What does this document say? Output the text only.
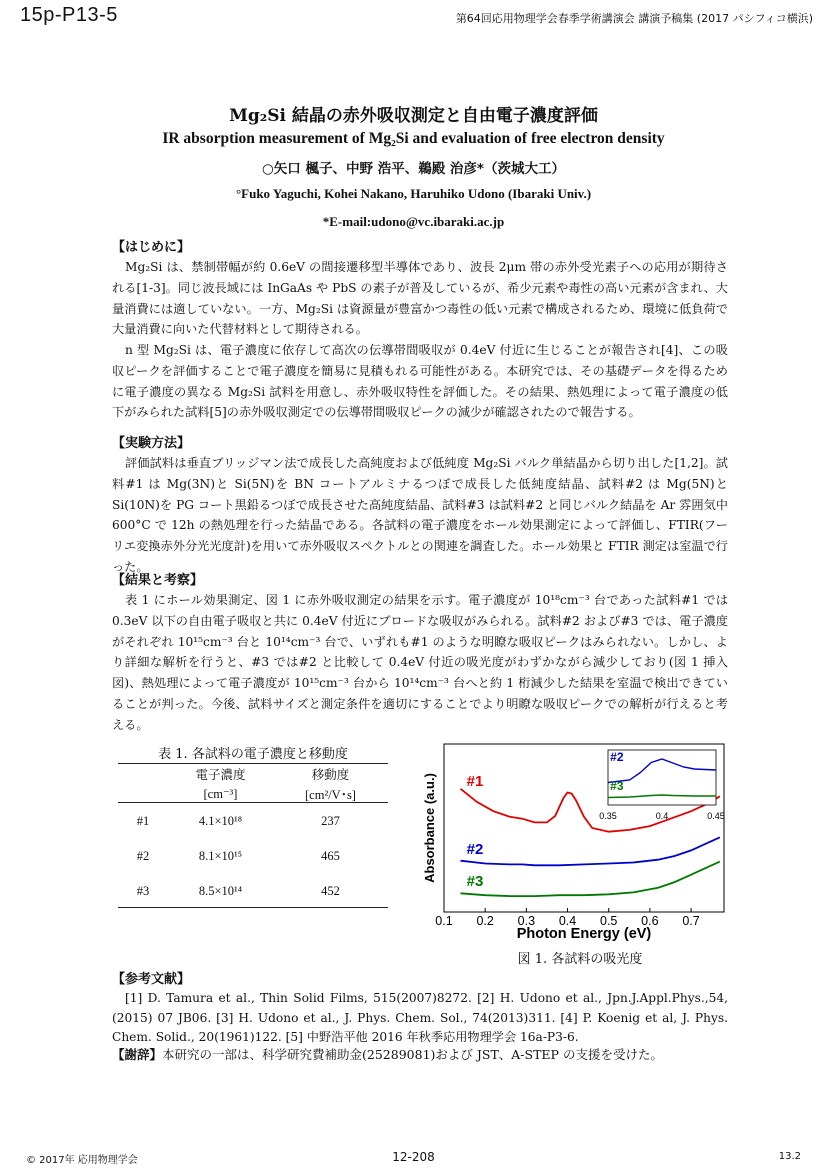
15p-P13-5	第64回応用物理学会春季学術講演会 講演予稿集 (2017 パシフィコ横浜)
Mg₂Si 結晶の赤外吸収測定と自由電子濃度評価
IR absorption measurement of Mg₂Si and evaluation of free electron density
○矢口 楓子、中野 浩平、鵜殿 治彦*（茨城大工）
°Fuko Yaguchi, Kohei Nakano, Haruhiko Udono (Ibaraki Univ.)
*E-mail:udono@vc.ibaraki.ac.jp
【はじめに】

Mg₂Si は、禁制帯幅が約 0.6eV の間接遷移型半導体であり、波長 2μm 帯の赤外受光素子への応用が期待される[1-3]。同じ波長域には InGaAs や PbS の素子が普及しているが、希少元素や毒性の高い元素が含まれ、大量消費には適していない。一方、Mg₂Si は資源量が豊富かつ毒性の低い元素で構成されるため、環境に低負荷で大量消費に向いた代替材料として期待される。

n 型 Mg₂Si は、電子濃度に依存して高次の伝導帯間吸収が 0.4eV 付近に生じることが報告され[4]、この吸収ピークを評価することで電子濃度を簡易に見積もれる可能性がある。本研究では、その基礎データを得るために電子濃度の異なる Mg₂Si 試料を用意し、赤外吸収特性を評価した。その結果、熱処理によって電子濃度の低下がみられた試料[5]の赤外吸収測定での伝導帯間吸収ピークの減少が確認されたので報告する。

【実験方法】

評価試料は垂直ブリッジマン法で成長した高純度および低純度 Mg₂Si バルク単結晶から切り出した[1,2]。試料#1 は Mg(3N)と Si(5N)を BN コートアルミナるつぼで成長した低純度結晶、試料#2 は Mg(5N)と Si(10N)を PG コート黒鉛るつぼで成長させた高純度結晶、試料#3 は試料#2 と同じバルク結晶を Ar 雰囲気中 600°C で 12h の熱処理を行った結晶である。各試料の電子濃度をホール効果測定によって評価し、FTIR(フーリエ変換赤外分光光度計)を用いて赤外吸収スペクトルとの関連を調査した。ホール効果と FTIR 測定は室温で行った。

【結果と考察】

表 1 にホール効果測定、図 1 に赤外吸収測定の結果を示す。電子濃度が 10¹⁸cm⁻³ 台であった試料#1 では 0.3eV 以下の自由電子吸収と共に 0.4eV 付近にブロードな吸収がみられる。試料#2 および#3 では、電子濃度がそれぞれ 10¹⁵cm⁻³ 台と 10¹⁴cm⁻³ 台で、いずれも#1 のような明瞭な吸収ピークはみられない。しかし、より詳細な解析を行うと、#3 では#2 と比較して 0.4eV 付近の吸光度がわずかながら減少しており(図 1 挿入図)、熱処理によって電子濃度が 10¹⁵cm⁻³ 台から 10¹⁴cm⁻³ 台へと約 1 桁減少した結果を室温で検出できていることが判った。今後、試料サイズと測定条件を適切にすることでより明瞭な吸収ピークでの解析が行えると考える。

表 1. 各試料の電子濃度と移動度
	電子濃度	移動度
	[cm⁻³]	[cm²/V･s]
#1	4.1×10¹⁸	237
#2	8.1×10¹⁵	465
#3	8.5×10¹⁴	452
0.1 0.2 0.3 0.4 0.5 0.6 0.7
Absorbance (a.u.)
Photon Energy (eV)
#1
#2
#3
0.35	0.4	0.45
#2
#3
図 1. 各試料の吸光度
【参考文献】

[1] D. Tamura et al., Thin Solid Films, 515(2007)8272. [2] H. Udono et al., Jpn.J.Appl.Phys.,54, (2015) 07 JB06. [3] H. Udono et al., J. Phys. Chem. Sol., 74(2013)311. [4] P. Koenig et al, J. Phys. Chem. Solid., 20(1961)122. [5] 中野浩平他 2016 年秋季応用物理学会 16a-P3-6.

【謝辞】本研究の一部は、科学研究費補助金(25289081)および JST、A-STEP の支援を受けた。
© 2017年 応用物理学会	12-208	13.2
